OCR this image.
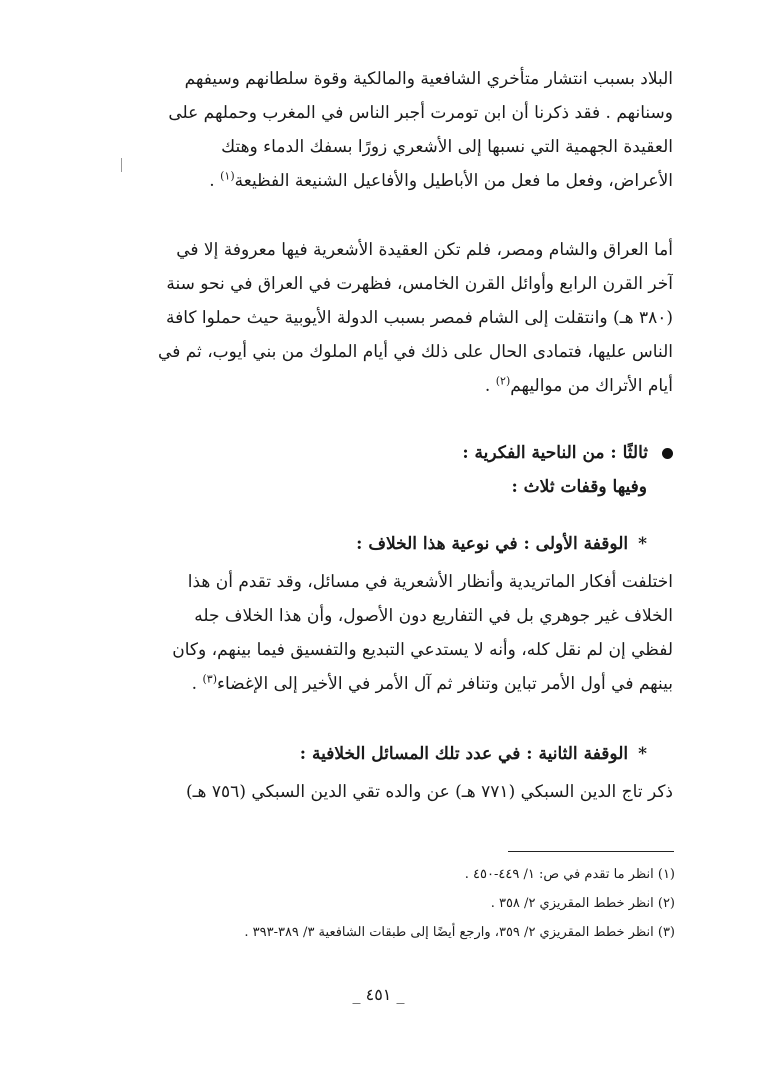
البلاد بسبب انتشار متأخري الشافعية والمالكية وقوة سلطانهم وسيفهم
وسنانهم . فقد ذكرنا أن ابن تومرت أجبر الناس في المغرب وحملهم على
العقيدة الجهمية التي نسبها إلى الأشعري زورًا بسفك الدماء وهتك
الأعراض، وفعل ما فعل من الأباطيل والأفاعيل الشنيعة الفظيعة$^{(١)}$ .
أما العراق والشام ومصر، فلم تكن العقيدة الأشعرية فيها معروفة إلا في
آخر القرن الرابع وأوائل القرن الخامس، فظهرت في العراق في نحو سنة
(٣٨٠ هـ) وانتقلت إلى الشام فمصر بسبب الدولة الأيوبية حيث حملوا كافة
الناس عليها، فتمادى الحال على ذلك في أيام الملوك من بني أيوب، ثم في
أيام الأتراك من مواليهم$^{(٢)}$ .
ثالثًا : من الناحية الفكرية :
وفيها وقفات ثلاث :
*الوقفة الأولى : في نوعية هذا الخلاف :
اختلفت أفكار الماتريدية وأنظار الأشعرية في مسائل، وقد تقدم أن هذا
الخلاف غير جوهري بل في التفاريع دون الأصول، وأن هذا الخلاف جله
لفظي إن لم نقل كله، وأنه لا يستدعي التبديع والتفسيق فيما بينهم، وكان
بينهم في أول الأمر تباين وتنافر ثم آل الأمر في الأخير إلى الإغضاء$^{(٣)}$ .
*الوقفة الثانية : في عدد تلك المسائل الخلافية :
ذكر تاج الدين السبكي (٧٧١ هـ) عن والده تقي الدين السبكي (٧٥٦ هـ)
(١) انظر ما تقدم في ص: ١/ ٤٤٩-٤٥٠ .
(٢) انظر خطط المقريزي ٢/ ٣٥٨ .
(٣) انظر خطط المقريزي ٢/ ٣٥٩، وارجع أيضًا إلى طبقات الشافعية ٣/ ٣٨٩-٣٩٣ .
_ ٤٥١ _
